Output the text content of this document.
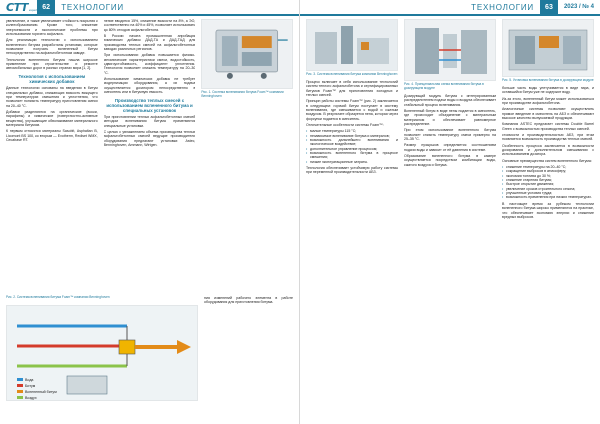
CTT expert 62	ТЕХНОЛОГИИ

увеличение, и также увеличивает стойкость покрытия к колееобразованию. Кроме того, снижение энергоемкости и экологические проблемы при использовании горячего асфальта.

Для реализации технологии с использованием вспененного битума разработаны установки, которые позволяют получать вспененный битум непосредственно на асфальтобетонном заводе.

Технология вспененного битума нашла широкое применение при строительстве и ремонте автомобильных дорог в разных странах мира [1, 2].

Технология с использованием химических добавок

Данные технологии основаны на введении в битум специальных добавок, снижающих вязкость вяжущего при температурах смешения и уплотнения, что позволяет понизить температуру приготовления смеси на 20–40 °С.

Добавки разделяются на органические (воски, парафины) и химические (поверхностно-активные вещества), улучшающие обволакивание минерального материала битумом.

К первым относятся материалы Sasobit, Asphaltan B, Licomont BS 100, ко вторым — Evotherm, Rediset WMX, Cecabase RT.

ление вводится 15%, снижение вязкости на 8%, а ЭО, соответственно на 40% и 45%, позволяет использовать до 80% отходов асфальтобетона.

В России начата промышленная апробация химических добавок ДАД-ТА и ДАД-ТАД для производства теплых смесей на асфальтобетонных заводах различных регионов.

При использовании добавок повышается физико-механические характеристики смеси, водостойкость, сдвигоустойчивость, коэффициент уплотнения. Технология позволяет снижать температуру на 20–30 °С.

Использование химических добавок не требует модернизации оборудования, а их подача осуществляется дозатором непосредственно в смеситель или в битумную емкость.

Производство теплых смесей с использованием вспененного битума и специальных установок

При приготовлении теплых асфальтобетонных смесей методом вспенивания битума применяются специальные установки.

С целью с увлажнением объема производства теплых асфальтобетонных смесей ведущие производители оборудования предлагают установки: Astec, Benninghoven, Ammann, Wirtgen.

Рис. 1. Система вспенивания битума Foam™ компании Benninghoven
Рис. 2. Система вспенивания битума Foam™ компании Benninghoven
Вода
Битум
Вспененный битум
Воздух

ния изменений рабочего элемента в работе оборудования для приготовления битума.

ТЕХНОЛОГИИ	63	2023 / № 4
Рис. 3. Система вспенивания битума компании Benninghoven

Процесс включает в себя использование технологий систем теплого асфальтобетона и сертифицированных битумов Foam™ для приготовления холодных и теплых смесей.

Принцип работы системы Foam™ (рис. 2) заключается в следующем: горячий битум поступает в систему вспенивания, где смешивается с водой и сжатым воздухом. В результате образуется пена, которая через форсунки подается в смеситель.

Отличительные особенности системы Foam™:

• малые температуры 115 °С;
• независимое вспенивание битума и минералов;
• возможность дальнейшего вспенивания и экологическое воздействие;
• дополнительное управление процессом;
• возможность вспененного битума в процессе смешения;
• низкие эксплуатационные затраты.

Технология обеспечивает устойчивую работу системы при переменной производительности АБЗ.

Рис. 4. Принципиальная схема вспенивания битума в дозирующем модуле

Дозирующий модуль битума с интегрированным распределителем подачи воды и воздуха обеспечивает стабильный процесс вспенивания.

Вспененный битум в виде пены подается в смеситель, где происходит объединение с минеральным материалом и обеспечивает равномерное распределение.

При этом использование вспененного битума позволяет снизить температуру смеси примерно на 25–35 °С.

Размер пузырьков определяется соотношением подачи воды и зависит от её давления в системе.

Образование вспененного битума в камере осуществляется посредством комбинации воды, сжатого воздуха и битума.

Рис. 5. Установка вспенивания битума в дозирующем модуле

больше часть воды улетучивается в виде пара, и оставшийся битум уже не содержит воду.

Из-за этого, вспененный битум может использоваться при производстве асфальтобетона.

Аналогичные системы позволяют осуществлять прямое введение в смеситель на АБЗ и обеспечивают высокое качество выпускаемой продукции.

Компания ASTEC предлагает системы Double Barrel Green с возможностью производства теплых смесей.

стоимости и производительностью АБЗ, при этом появляется возможность производства теплых смесей.

Особенность процесса заключается в возможности дозирования и дополнительном смешивании с использованием дозатора.

Основные преимущества систем вспененного битума:

• снижение температуры на 20–40 °С;
• сокращение выбросов в атмосферу;
• экономия топлива до 30 %;
• снижение старения битума;
• быстрое открытие движения;
• увеличение сроков строительного сезона;
• улучшенные условия труда;
• возможность применения при низких температурах.

В настоящее время за рубежом технологии вспененного битума широко применяются на практике, что обеспечивает экономию энергии и снижение вредных выбросов.
